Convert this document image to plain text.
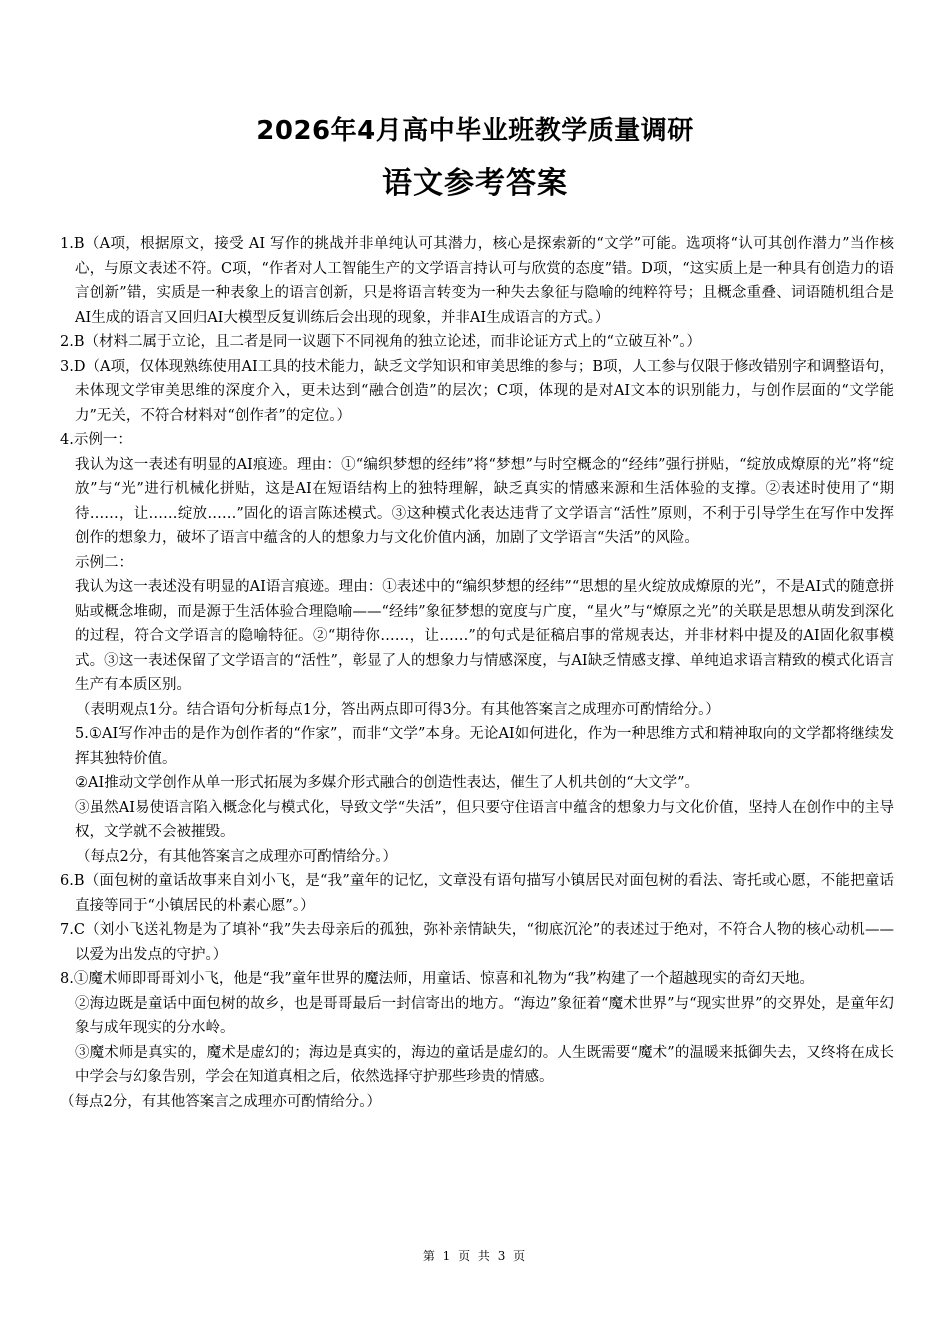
2026年4月高中毕业班教学质量调研
语文参考答案

1.B（A项，根据原文，接受 AI 写作的挑战并非单纯认可其潜力，核心是探索新的“文学”可能。选项将“认可其创作潜力”当作核心，与原文表述不符。C项，“作者对人工智能生产的文学语言持认可与欣赏的态度”错。D项，“这实质上是一种具有创造力的语言创新”错，实质是一种表象上的语言创新，只是将语言转变为一种失去象征与隐喻的纯粹符号；且概念重叠、词语随机组合是AI生成的语言又回归AI大模型反复训练后会出现的现象，并非AI生成语言的方式。）

2.B（材料二属于立论，且二者是同一议题下不同视角的独立论述，而非论证方式上的“立破互补”。）

3.D（A项，仅体现熟练使用AI工具的技术能力，缺乏文学知识和审美思维的参与；B项，人工参与仅限于修改错别字和调整语句，未体现文学审美思维的深度介入，更未达到“融合创造”的层次；C项，体现的是对AI文本的识别能力，与创作层面的“文学能力”无关，不符合材料对“创作者”的定位。）

4.示例一：

我认为这一表述有明显的AI痕迹。理由：①“编织梦想的经纬”将“梦想”与时空概念的“经纬”强行拼贴，“绽放成燎原的光”将“绽放”与“光”进行机械化拼贴，这是AI在短语结构上的独特理解，缺乏真实的情感来源和生活体验的支撑。②表述时使用了“期待……，让……绽放……”固化的语言陈述模式。③这种模式化表达违背了文学语言“活性”原则，不利于引导学生在写作中发挥创作的想象力，破坏了语言中蕴含的人的想象力与文化价值内涵，加剧了文学语言“失活”的风险。

示例二：

我认为这一表述没有明显的AI语言痕迹。理由：①表述中的“编织梦想的经纬”“思想的星火绽放成燎原的光”，不是AI式的随意拼贴或概念堆砌，而是源于生活体验合理隐喻——“经纬”象征梦想的宽度与广度，“星火”与“燎原之光”的关联是思想从萌发到深化的过程，符合文学语言的隐喻特征。②“期待你……，让……”的句式是征稿启事的常规表达，并非材料中提及的AI固化叙事模式。③这一表述保留了文学语言的“活性”，彰显了人的想象力与情感深度，与AI缺乏情感支撑、单纯追求语言精致的模式化语言生产有本质区别。

（表明观点1分。结合语句分析每点1分，答出两点即可得3分。有其他答案言之成理亦可酌情给分。）

5.①AI写作冲击的是作为创作者的“作家”，而非“文学”本身。无论AI如何进化，作为一种思维方式和精神取向的文学都将继续发挥其独特价值。

②AI推动文学创作从单一形式拓展为多媒介形式融合的创造性表达，催生了人机共创的“大文学”。

③虽然AI易使语言陷入概念化与模式化，导致文学“失活”，但只要守住语言中蕴含的想象力与文化价值，坚持人在创作中的主导权，文学就不会被摧毁。

（每点2分，有其他答案言之成理亦可酌情给分。）

6.B（面包树的童话故事来自刘小飞，是“我”童年的记忆，文章没有语句描写小镇居民对面包树的看法、寄托或心愿，不能把童话直接等同于“小镇居民的朴素心愿”。）

7.C（刘小飞送礼物是为了填补“我”失去母亲后的孤独，弥补亲情缺失，“彻底沉沦”的表述过于绝对，不符合人物的核心动机——以爱为出发点的守护。）

8.①魔术师即哥哥刘小飞，他是“我”童年世界的魔法师，用童话、惊喜和礼物为“我”构建了一个超越现实的奇幻天地。

②海边既是童话中面包树的故乡，也是哥哥最后一封信寄出的地方。“海边”象征着“魔术世界”与“现实世界”的交界处，是童年幻象与成年现实的分水岭。

③魔术师是真实的，魔术是虚幻的；海边是真实的，海边的童话是虚幻的。人生既需要“魔术”的温暖来抵御失去，又终将在成长中学会与幻象告别，学会在知道真相之后，依然选择守护那些珍贵的情感。

（每点2分，有其他答案言之成理亦可酌情给分。）

第 1 页 共 3 页
